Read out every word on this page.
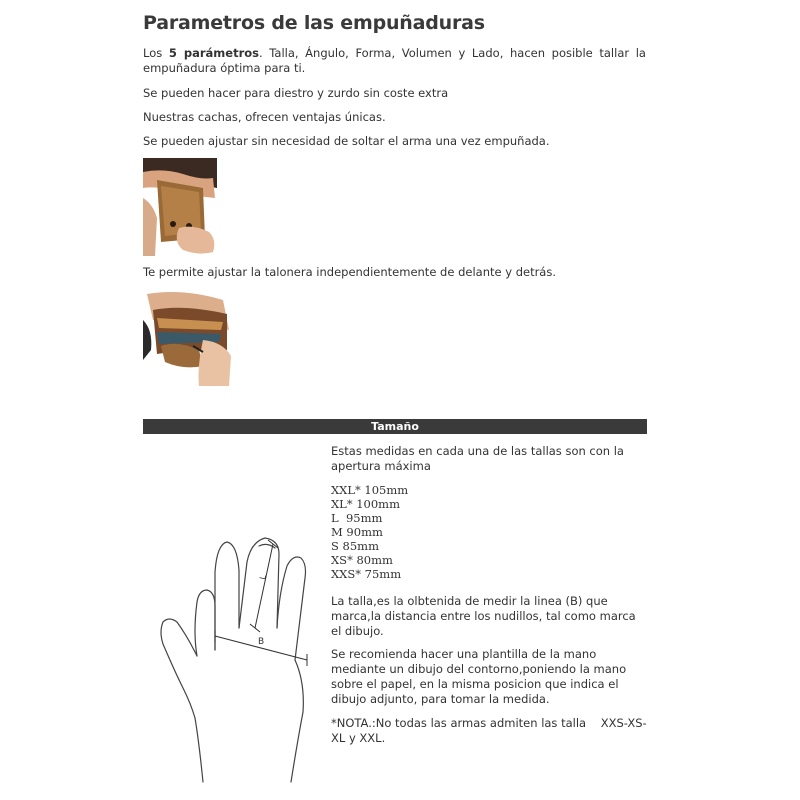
Parametros de las empuñaduras
Los 5 parámetros. Talla, Ángulo, Forma, Volumen y Lado, hacen posible tallar la empuñadura óptima para ti.
Se pueden hacer para diestro y zurdo sin coste extra
Nuestras cachas, ofrecen ventajas únicas.
Se pueden ajustar sin necesidad de soltar el arma una vez empuñada.
Te permite ajustar la talonera independientemente de delante y detrás.
Tamaño
B
L
Estas medidas en cada una de las tallas son con la apertura máxima
XXL* 105mm
XL* 100mm
L  95mm
M 90mm
S 85mm
XS* 80mm
XXS* 75mm
La talla,es la olbtenida de medir la linea (B) que marca,la distancia entre los nudillos, tal como marca el dibujo.
Se recomienda hacer una plantilla de la mano mediante un dibujo del contorno,poniendo la mano sobre el papel, en la misma posicion que indica el dibujo adjunto, para tomar la medida.
*NOTA.:No todas las armas admiten las talla    XXS-XS-XL y XXL.
